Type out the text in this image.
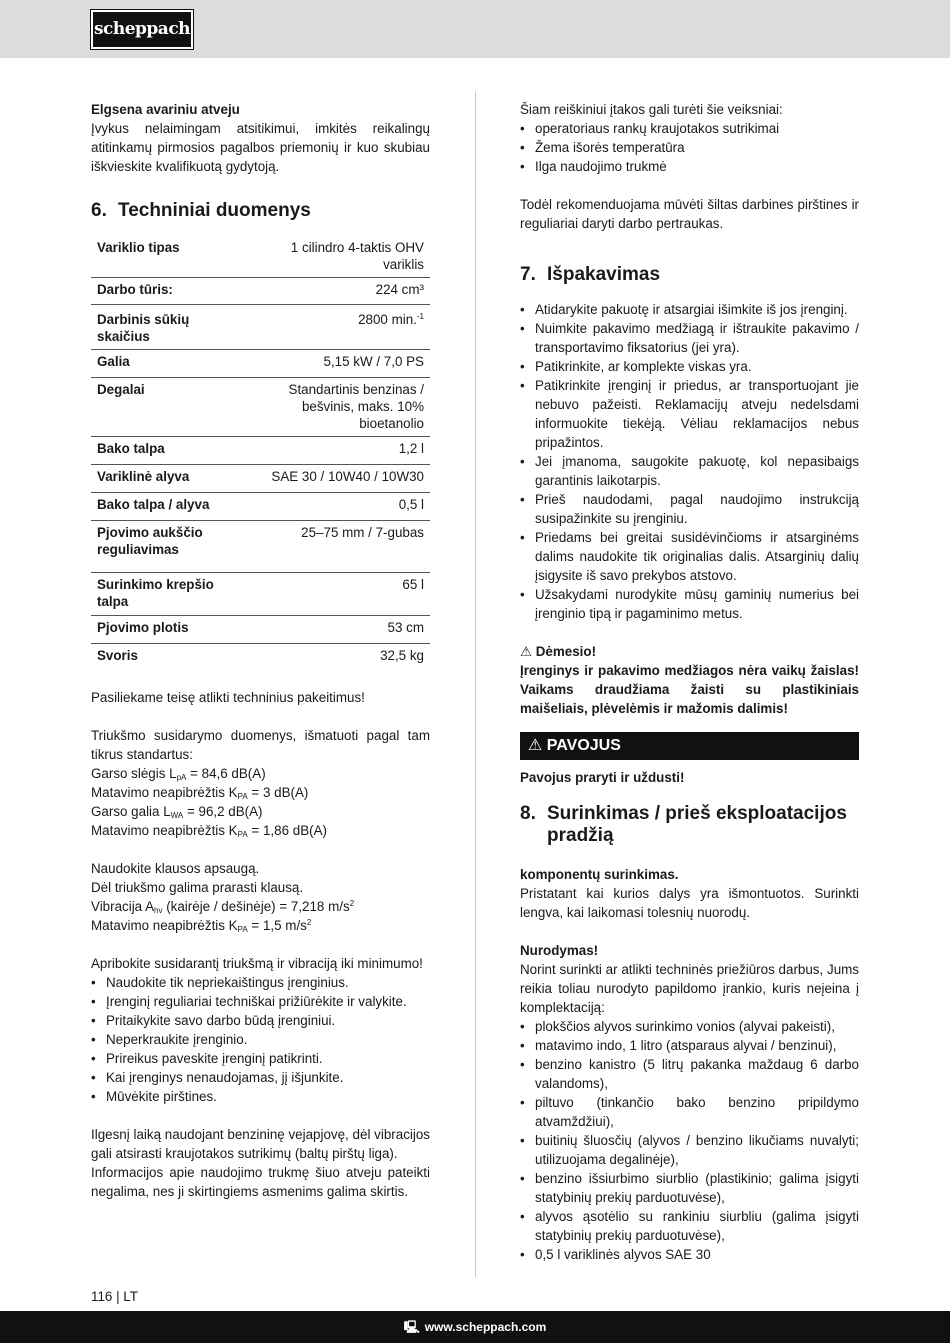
scheppach
Elgsena avariniu atveju
Įvykus nelaimingam atsitikimui, imkitės reikalingų atitinkamų pirmosios pagalbos priemonių ir kuo skubiau iškvieskite kvalifikuotą gydytoją.
6. Techniniai duomenys
Variklio tipas	1 cilindro 4-taktis OHV variklis
Darbo tūris:	224 cm³
Darbinis sūkių skaičius	2800 min.$^{-1}$
Galia	5,15 kW / 7,0 PS
Degalai	Standartinis benzinas / bešvinis, maks. 10% bioetanolio
Bako talpa	1,2 l
Variklinė alyva	SAE 30 / 10W40 / 10W30
Bako talpa / alyva	0,5 l
Pjovimo aukščio reguliavimas	25–75 mm / 7-gubas
Surinkimo krepšio talpa	65 l
Pjovimo plotis	53 cm
Svoris	32,5 kg
Pasiliekame teisę atlikti techninius pakeitimus!
Triukšmo susidarymo duomenys, išmatuoti pagal tam tikrus standartus:
Garso slėgis $L_{pA} = 84,6$ dB(A)
Matavimo neapibrėžtis $K_{PA} = 3$ dB(A)
Garso galia $L_{WA} = 96,2$ dB(A)
Matavimo neapibrėžtis $K_{PA} = 1,86$ dB(A)
Naudokite klausos apsaugą.
Dėl triukšmo galima prarasti klausą.
Vibracija $A_{hv}$ (kairėje / dešinėje) = 7,218 $m/s^2$
Matavimo neapibrėžtis $K_{PA} = 1,5$ $m/s^2$
Apribokite susidarantį triukšmą ir vibraciją iki minimumo!
• Naudokite tik nepriekaištingus įrenginius.
• Įrenginį reguliariai techniškai prižiūrėkite ir valykite.
• Pritaikykite savo darbo būdą įrenginiui.
• Neperkraukite įrenginio.
• Prireikus paveskite įrenginį patikrinti.
• Kai įrenginys nenaudojamas, jį išjunkite.
• Mūvėkite pirštines.
Ilgesnį laiką naudojant benzininę vejapjovę, dėl vibracijos gali atsirasti kraujotakos sutrikimų (baltų pirštų liga).
Informacijos apie naudojimo trukmę šiuo atveju pateikti negalima, nes ji skirtingiems asmenims galima skirtis.
Šiam reiškiniui įtakos gali turėti šie veiksniai:
• operatoriaus rankų kraujotakos sutrikimai
• Žema išorės temperatūra
• Ilga naudojimo trukmė
Todėl rekomenduojama mūvėti šiltas darbines pirštines ir reguliariai daryti darbo pertraukas.
7. Išpakavimas
• Atidarykite pakuotę ir atsargiai išimkite iš jos įrenginį.
• Nuimkite pakavimo medžiagą ir ištraukite pakavimo / transportavimo fiksatorius (jei yra).
• Patikrinkite, ar komplekte viskas yra.
• Patikrinkite įrenginį ir priedus, ar transportuojant jie nebuvo pažeisti. Reklamacijų atveju nedelsdami informuokite tiekėją. Vėliau reklamacijos nebus pripažintos.
• Jei įmanoma, saugokite pakuotę, kol nepasibaigs garantinis laikotarpis.
• Prieš naudodami, pagal naudojimo instrukciją susipažinkite su įrenginiu.
• Priedams bei greitai susidėvinčioms ir atsarginėms dalims naudokite tik originalias dalis. Atsarginių dalių įsigysite iš savo prekybos atstovo.
• Užsakydami nurodykite mūsų gaminių numerius bei įrenginio tipą ir pagaminimo metus.
⚠ Dėmesio!
Įrenginys ir pakavimo medžiagos nėra vaikų žaislas! Vaikams draudžiama žaisti su plastikiniais maišeliais, plėvelėmis ir mažomis dalimis!
⚠ PAVOJUS
Pavojus praryti ir uždusti!
8. Surinkimas / prieš eksploatacijos pradžią
komponentų surinkimas.
Pristatant kai kurios dalys yra išmontuotos. Surinkti lengva, kai laikomasi tolesnių nuorodų.
Nurodymas!
Norint surinkti ar atlikti techninės priežiūros darbus, Jums reikia toliau nurodyto papildomo įrankio, kuris neįeina į komplektaciją:
• plokščios alyvos surinkimo vonios (alyvai pakeisti),
• matavimo indo, 1 litro (atsparaus alyvai / benzinui),
• benzino kanistro (5 litrų pakanka maždaug 6 darbo valandoms),
• piltuvo (tinkančio bako benzino pripildymo atvamždžiui),
• buitinių šluosčių (alyvos / benzino likučiams nuvalyti; utilizuojama degalinėje),
• benzino išsiurbimo siurblio (plastikinio; galima įsigyti statybinių prekių parduotuvėse),
• alyvos ąsotėlio su rankiniu siurbliu (galima įsigyti statybinių prekių parduotuvėse),
• 0,5 l variklinės alyvos SAE 30
116 | LT
🖳 www.scheppach.com
